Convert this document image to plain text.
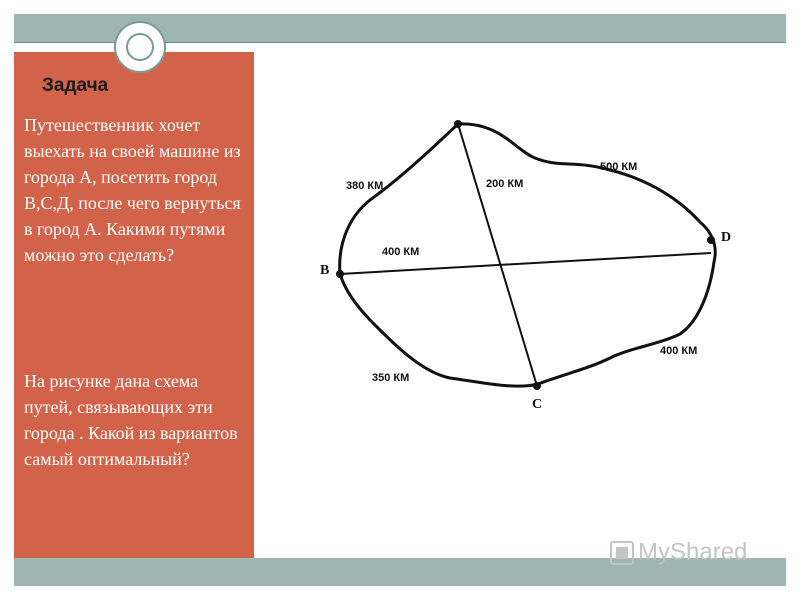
Задача

Путешественник хочет выехать на своей машине из города А, посетить город В,С,Д, после чего вернуться в город А. Какими путями можно это сделать?

На рисунке дана схема путей, связывающих эти города . Какой из вариантов самый оптимальный?

B
C
D
380 КМ	200 КМ
500 КМ
400 КМ
400 КМ
350 КМ
MyShared
